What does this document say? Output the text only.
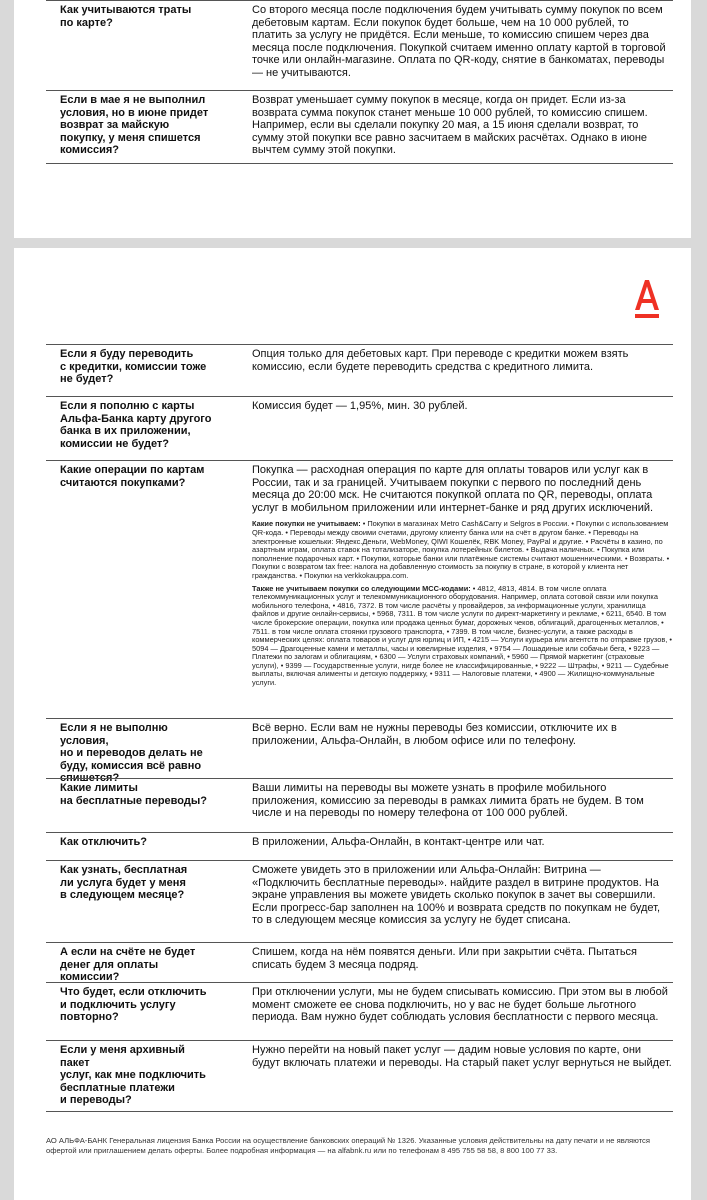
Как учитываются траты
по карте?
Со второго месяца после подключения будем учитывать сумму покупок по всем дебетовым картам. Если покупок будет больше, чем на 10 000 рублей, то платить за услугу не придётся. Если меньше, то комиссию спишем через два месяца после подключения. Покупкой считаем именно оплату картой в торговой точке или онлайн-магазине. Оплата по QR-коду, снятие в банкоматах, переводы — не учитываются.
Если в мае я не выполнил условия, но в июне придет возврат за майскую покупку, у меня спишется комиссия?
Возврат уменьшает сумму покупок в месяце, когда он придет. Если из-за возврата сумма покупок станет меньше 10 000 рублей, то комиссию спишем. Например, если вы сделали покупку 20 мая, а 15 июня сделали возврат, то сумму этой покупки все равно засчитаем в майских расчётах. Однако в июне вычтем сумму этой покупки.
Если я буду переводить
с кредитки, комиссии тоже
не будет?
Опция только для дебетовых карт. При переводе с кредитки можем взять комиссию, если будете переводить средства с кредитного лимита.
Если я пополню с карты
Альфа-Банка карту другого
банка в их приложении,
комиссии не будет?
Комиссия будет — 1,95%, мин. 30 рублей.
Какие операции по картам
считаются покупками?
Покупка — расходная операция по карте для оплаты товаров или услуг как в России, так и за границей. Учитываем покупки с первого по последний день месяца до 20:00 мск. Не считаются покупкой оплата по QR, переводы, оплата услуг в мобильном приложении или интернет-банке и ряд других исключений.

Какие покупки не учитываем: • Покупки в магазинах Metro Cash&Carry и Selgros в России. • Покупки с использованием QR-кода. • Переводы между своими счетами, другому клиенту банка или на счёт в другом банке. • Переводы на электронные кошельки: Яндекс.Деньги, WebMoney, QIWI Кошелёк, RBK Money, PayPal и другие. • Расчёты в казино, по азартным играм, оплата ставок на тотализаторе, покупка лотерейных билетов. • Выдача наличных. • Покупка или пополнение подарочных карт. • Покупки, которые банки или платёжные системы считают мошенническими. • Возвраты. • Покупки с возвратом tax free: налога на добавленную стоимость за покупку в стране, в которой у клиента нет гражданства. • Покупки на verkkokauppa.com.

Также не учитываем покупки со следующими МСС-кодами: • 4812, 4813, 4814. В том числе оплата телекоммуникационных услуг и телекоммуникационного оборудования. Например, оплата сотовой связи или покупка мобильного телефона, • 4816, 7372. В том числе расчёты у провайдеров, за информационные услуги, хранилища файлов и другие онлайн-сервисы, • 5968, 7311. В том числе услуги по директ-маркетингу и рекламе, • 6211, 6540. В том числе брокерские операции, покупка или продажа ценных бумаг, дорожных чеков, облигаций, драгоценных металлов, • 7511. в том числе оплата стоянки грузового транспорта, • 7399. В том числе, бизнес-услуги, а также расходы в коммерческих целях: оплата товаров и услуг для юрлиц и ИП, • 4215 — Услуги курьера или агентств по отправке грузов, • 5094 — Драгоценные камни и металлы, часы и ювелирные изделия, • 9754 — Лошадиные или собачьи бега, • 9223 — Платежи по залогам и облигациям, • 6300 — Услуги страховых компаний, • 5960 — Прямой маркетинг (страховые услуги), • 9399 — Государственные услуги, нигде более не классифицированные, • 9222 — Штрафы, • 9211 — Судебные выплаты, включая алименты и детскую поддержку, • 9311 — Налоговые платежи, • 4900 — Жилищно-коммунальные услуги.

Если я не выполню условия,
но и переводов делать не
буду, комиссия всё равно
спишется?
Всё верно. Если вам не нужны переводы без комиссии, отключите их в приложении, Альфа-Онлайн, в любом офисе или по телефону.
Какие лимиты
на бесплатные переводы?
Ваши лимиты на переводы вы можете узнать в профиле мобильного приложения, комиссию за переводы в рамках лимита брать не будем. В том числе и на переводы по номеру телефона от 100 000 рублей.
Как отключить?	В приложении, Альфа-Онлайн, в контакт-центре или чат.
Как узнать, бесплатная
ли услуга будет у меня
в следующем месяце?
Сможете увидеть это в приложении или Альфа-Онлайн: Витрина — «Подключить бесплатные переводы». найдите раздел в витрине продуктов. На экране управления вы можете увидеть сколько покупок в зачет вы совершили. Если прогресс-бар заполнен на 100% и возврата средств по покупкам не будет, то в следующем месяце комиссия за услугу не будет списана.
А если на счёте не будет
денег для оплаты комиссии?
Спишем, когда на нём появятся деньги. Или при закрытии счёта. Пытаться списать будем 3 месяца подряд.
Что будет, если отключить
и подключить услугу
повторно?
При отключении услуги, мы не будем списывать комиссию. При этом вы в любой момент сможете ее снова подключить, но у вас не будет больше льготного периода. Вам нужно будет соблюдать условия бесплатности с первого месяца.
Если у меня архивный пакет
услуг, как мне подключить
бесплатные платежи
и переводы?
Нужно перейти на новый пакет услуг — дадим новые условия по карте, они будут включать платежи и переводы. На старый пакет услуг вернуться не выйдет.
АО АЛЬФА-БАНК Генеральная лицензия Банка России на осуществление банковских операций № 1326. Указанные условия действительны на дату печати и не являются офертой или приглашением делать оферты. Более подробная информация — на alfabnk.ru или по телефонам 8 495 755 58 58, 8 800 100 77 33.
